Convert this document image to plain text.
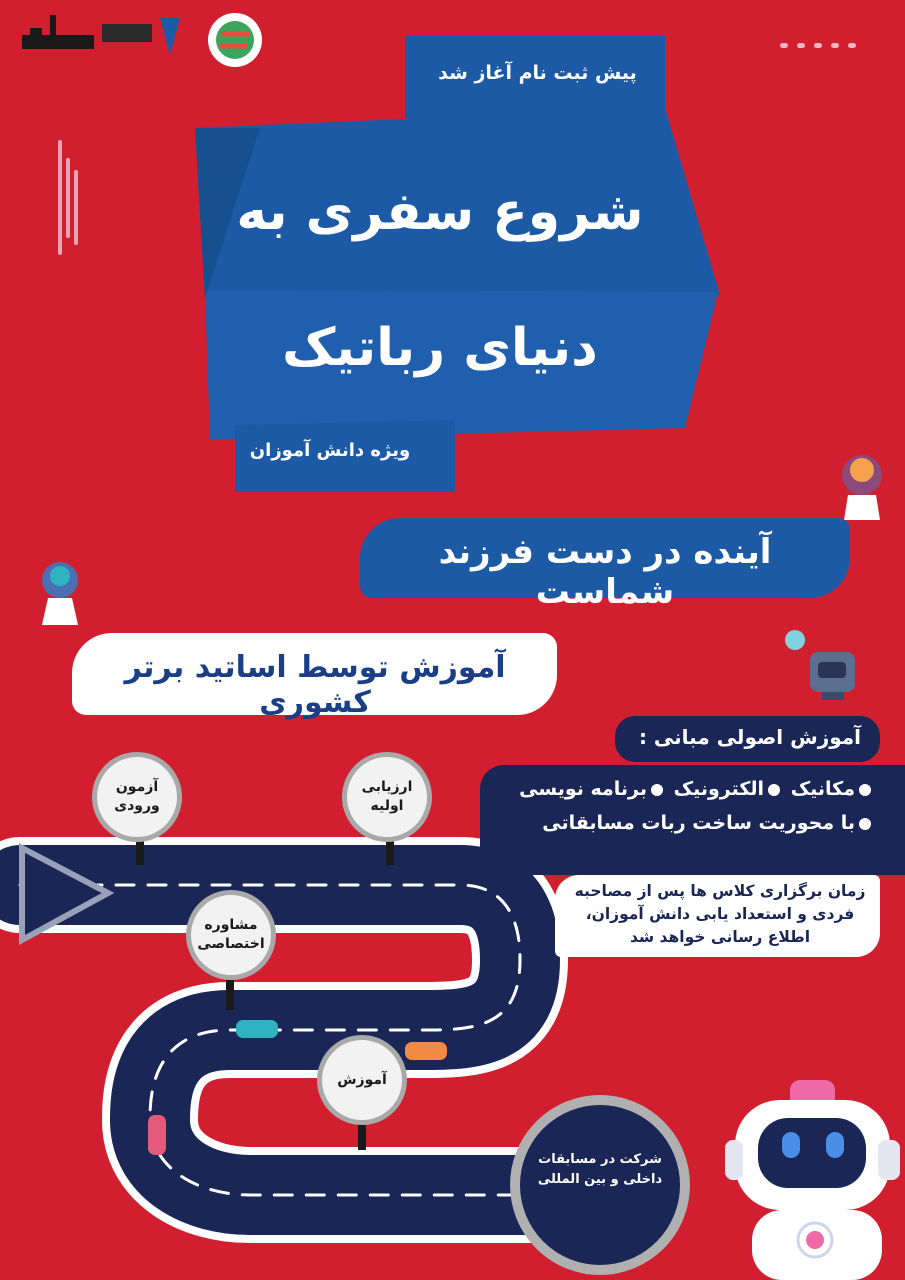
پیش ثبت نام آغاز شد
شروع سفری به
دنیای رباتیک
ویژه دانش آموزان
آینده در دست فرزند شماست
آموزش توسط اساتید برتر کشوری
آموزش اصولی مبانی :
مکانیک الکترونیک برنامه نویسی
با محوریت ساخت ربات مسابقاتی
زمان برگزاری کلاس ها پس از مصاحبه
فردی و استعداد یابی دانش آموزان،
اطلاع رسانی خواهد شد
آزمون
ورودی
ارزیابی
اولیه
مشاوره
اختصاصی
آموزش
شرکت در مسابقات
داخلی و بین المللی
